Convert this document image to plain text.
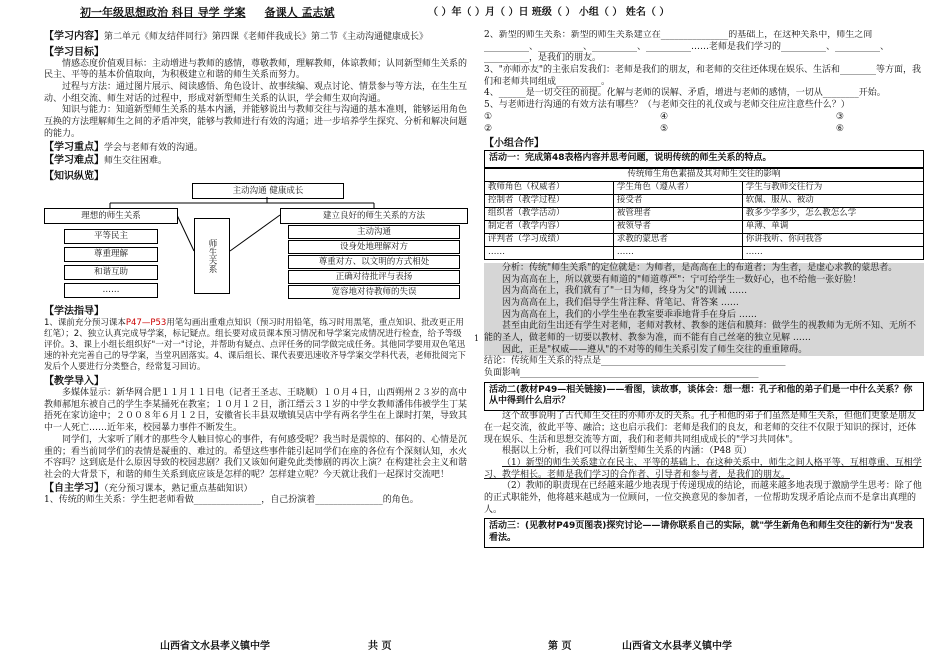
初一年级思想政治 科目 导学 学案 备课人 孟志斌	（ ）年（ ）月（ ）日 班级（ ） 小组（ ） 姓名（ ）

【学习内容】第二单元《师友结伴同行》第四课《老师伴我成长》第二节《主动沟通健康成长》

【学习目标】

情感态度价值观目标：主动增进与教师的感情，尊敬教师，理解教师，体谅教师；认同新型师生关系的民主、平等的基本价值取向，为积极建立和谐的师生关系而努力。

过程与方法：通过图片展示、阅读感悟、角色设计、故事续编、观点讨论、情景参与等方法，在生生互动、小组交流、师生对话的过程中，形成对新型师生关系的认识，学会师生双向沟通。

知识与能力：知道新型师生关系的基本内涵，并能够说出与教师交往与沟通的基本准则，能够运用角色互换的方法理解师生之间的矛盾冲突，能够与教师进行有效的沟通；进一步培养学生探究、分析和解决问题的能力。

【学习重点】学会与老师有效的沟通。

【学习难点】师生交往困难。

【知识纵览】

主动沟通 健康成长
理想的师生关系
平等民主
尊重理解
和谐互助
……
师生关系
建立良好的师生关系的方法
主动沟通
设身处地理解对方
尊重对方、以文明的方式相处
正确对待批评与表扬
宽容地对待教师的失误

【学法指导】

1、课前充分预习课本P47—P53用笔勾画出重难点知识（预习时用铅笔，练习时用黑笔，重点知识、批改更正用红笔）；2、独立认真完成导学案，标记疑点。组长要对成员课本预习情况和导学案完成情况进行检查，给予等级评价。3、课上小组长组织好"一对一"讨论，并帮助有疑点、点评任务的同学做完成任务。其他同学要用双色笔迅速的补充完善自己的导学案，当堂巩固落实。4、课后组长、课代表要迅速收齐导学案交学科代表，老师批阅完下发后个人要进行分类整合，经常复习回访。

【教学导入】

多媒体显示：新华网合肥１１月１１日电（记者王圣志、王晓顺）１０月４日，山西朔州２３岁的高中教师郝旭东被自己的学生李某捅死在教室；１０月１２日，浙江缙云３１岁的中学女教师潘伟伟被学生丁某捂死在家访途中；２００８年６月１２日，安徽省长丰县双墩镇吴店中学有两名学生在上课时打架，导致其中一人死亡……近年来，校园暴力事件不断发生。

同学们，大家听了刚才的那些令人触目惊心的事件，有何感受呢？我当时是震惊的、郁闷的、心情是沉重的；看当前同学们的表情是凝重的、难过的。希望这些事件能引起同学们在座的各位有个深刻认知，水火不容吗？这到底是什么原因导致的校园悲剧？我们又该如何避免此类惨剧的再次上演？在构建社会主义和谐社会的大背景下，和谐的师生关系到底应该是怎样的呢？怎样建立呢？今天就让我们一起探讨交流吧！

【自主学习】（充分预习课本，熟记重点基础知识）

1、传统的师生关系：学生把老师看做_______________，自己扮演着_______________的角色。

2、新型的师生关系：新型的师生关系建立在_______________的基础上，在这种关系中，师生之间__________、__________、__________、__________……老师是我们学习的__________、__________、__________，是我们的朋友。

3、"亦师亦友"的主张启发我们：老师是我们的朋友，和老师的交往还体现在娱乐、生活和________等方面，我们和老师共同组成__________。

4、______是一切交往的前提。化解与老师的误解、矛盾，增进与老师的感情，一切从________开始。

5、与老师进行沟通的有效方法有哪些？（与老师交往的礼仪或与老师交往应注意些什么？）

①	④	③
②	⑤	⑥

【小组合作】

活动一：完成第48表格内容并思考问题，说明传统的师生关系的特点。
传统师生角色素描及其对师生交往的影响		
教师角色（权威者）	学生角色（遵从者）	学生与教师交往行为
控制者（教学过程）	接受者	软佩、服从、被动
组织者（教学活动）	被管理者	教多少学多少，怎么教怎么学
制定者（教学内容）	被领导者	单薄、单调
评判者（学习成绩）	求教的蒙思者	你讲我听、你问我答
……	……	……

分析：传统"师生关系"的定位就是：为师者，是高高在上的布道者；为生者，是虚心求教的蒙思者。

因为高高在上，所以就要有师道的"师道尊严"：宁可给学生一数好心，也不给他一张好脸！

因为高高在上，我们就有了"一日为师，终身为父"的训诫 ……

因为高高在上，我们倡导学生背注释、背笔记、背答案 ……

因为高高在上，我们的小学生坐在教室要乖乖地背手在身后 ……

甚至由此衍生出还有学生对老师，老师对教材、教参的迷信和膜拜：做学生的视教师为无所不知、无所不能的圣人，做老师的一切要以教材、教参为准，而不能有自己丝毫的独立见解 ……

因此，正是"权威——遵从"的不对等的师生关系引发了师生交往的重重障碍。

结论：传统师生关系的特点是_________________________________________

负面影响_____________________________________________________

活动二(教材P49—相关链接)——看图，读故事，谈体会：想一想：孔子和他的弟子们是一中什么关系？你从中得到什么启示？

这个故事说明了古代师生交往的亦师亦友的关系。孔子和他的弟子们虽然是师生关系，但他们更象是朋友在一起交流，彼此平等、融洽；这也启示我们：老师是我们的良友，和老师的交往不仅限于知识的探讨，还体现在娱乐、生活和思想交流等方面，我们和老师共同组成成长的"学习共同体"。

根据以上分析，我们可以得出新型师生关系的内涵：（P48 页）

（1）新型的师生关系建立在民主、平等的基础上，在这种关系中，师生之间人格平等、互相尊重、互相学习、教学相长。老师是我们学习的合作者、引导者和参与者，是我们的朋友。

（2）教师的职责现在已经越来越少地表现于传递现成的结论，而越来越多地表现于激励学生思考：除了他的正式职能外，他将越来越成为一位顾问，一位交换意见的参加者，一位帮助发现矛盾论点而不是拿出真理的人。

活动三：(见教材P49页图表)探究讨论——请你联系自己的实际，就"学生新角色和师生交往的新行为"发表看法。
1
山西省文水县孝义镇中学	共 页	第 页	山西省文水县孝义镇中学
